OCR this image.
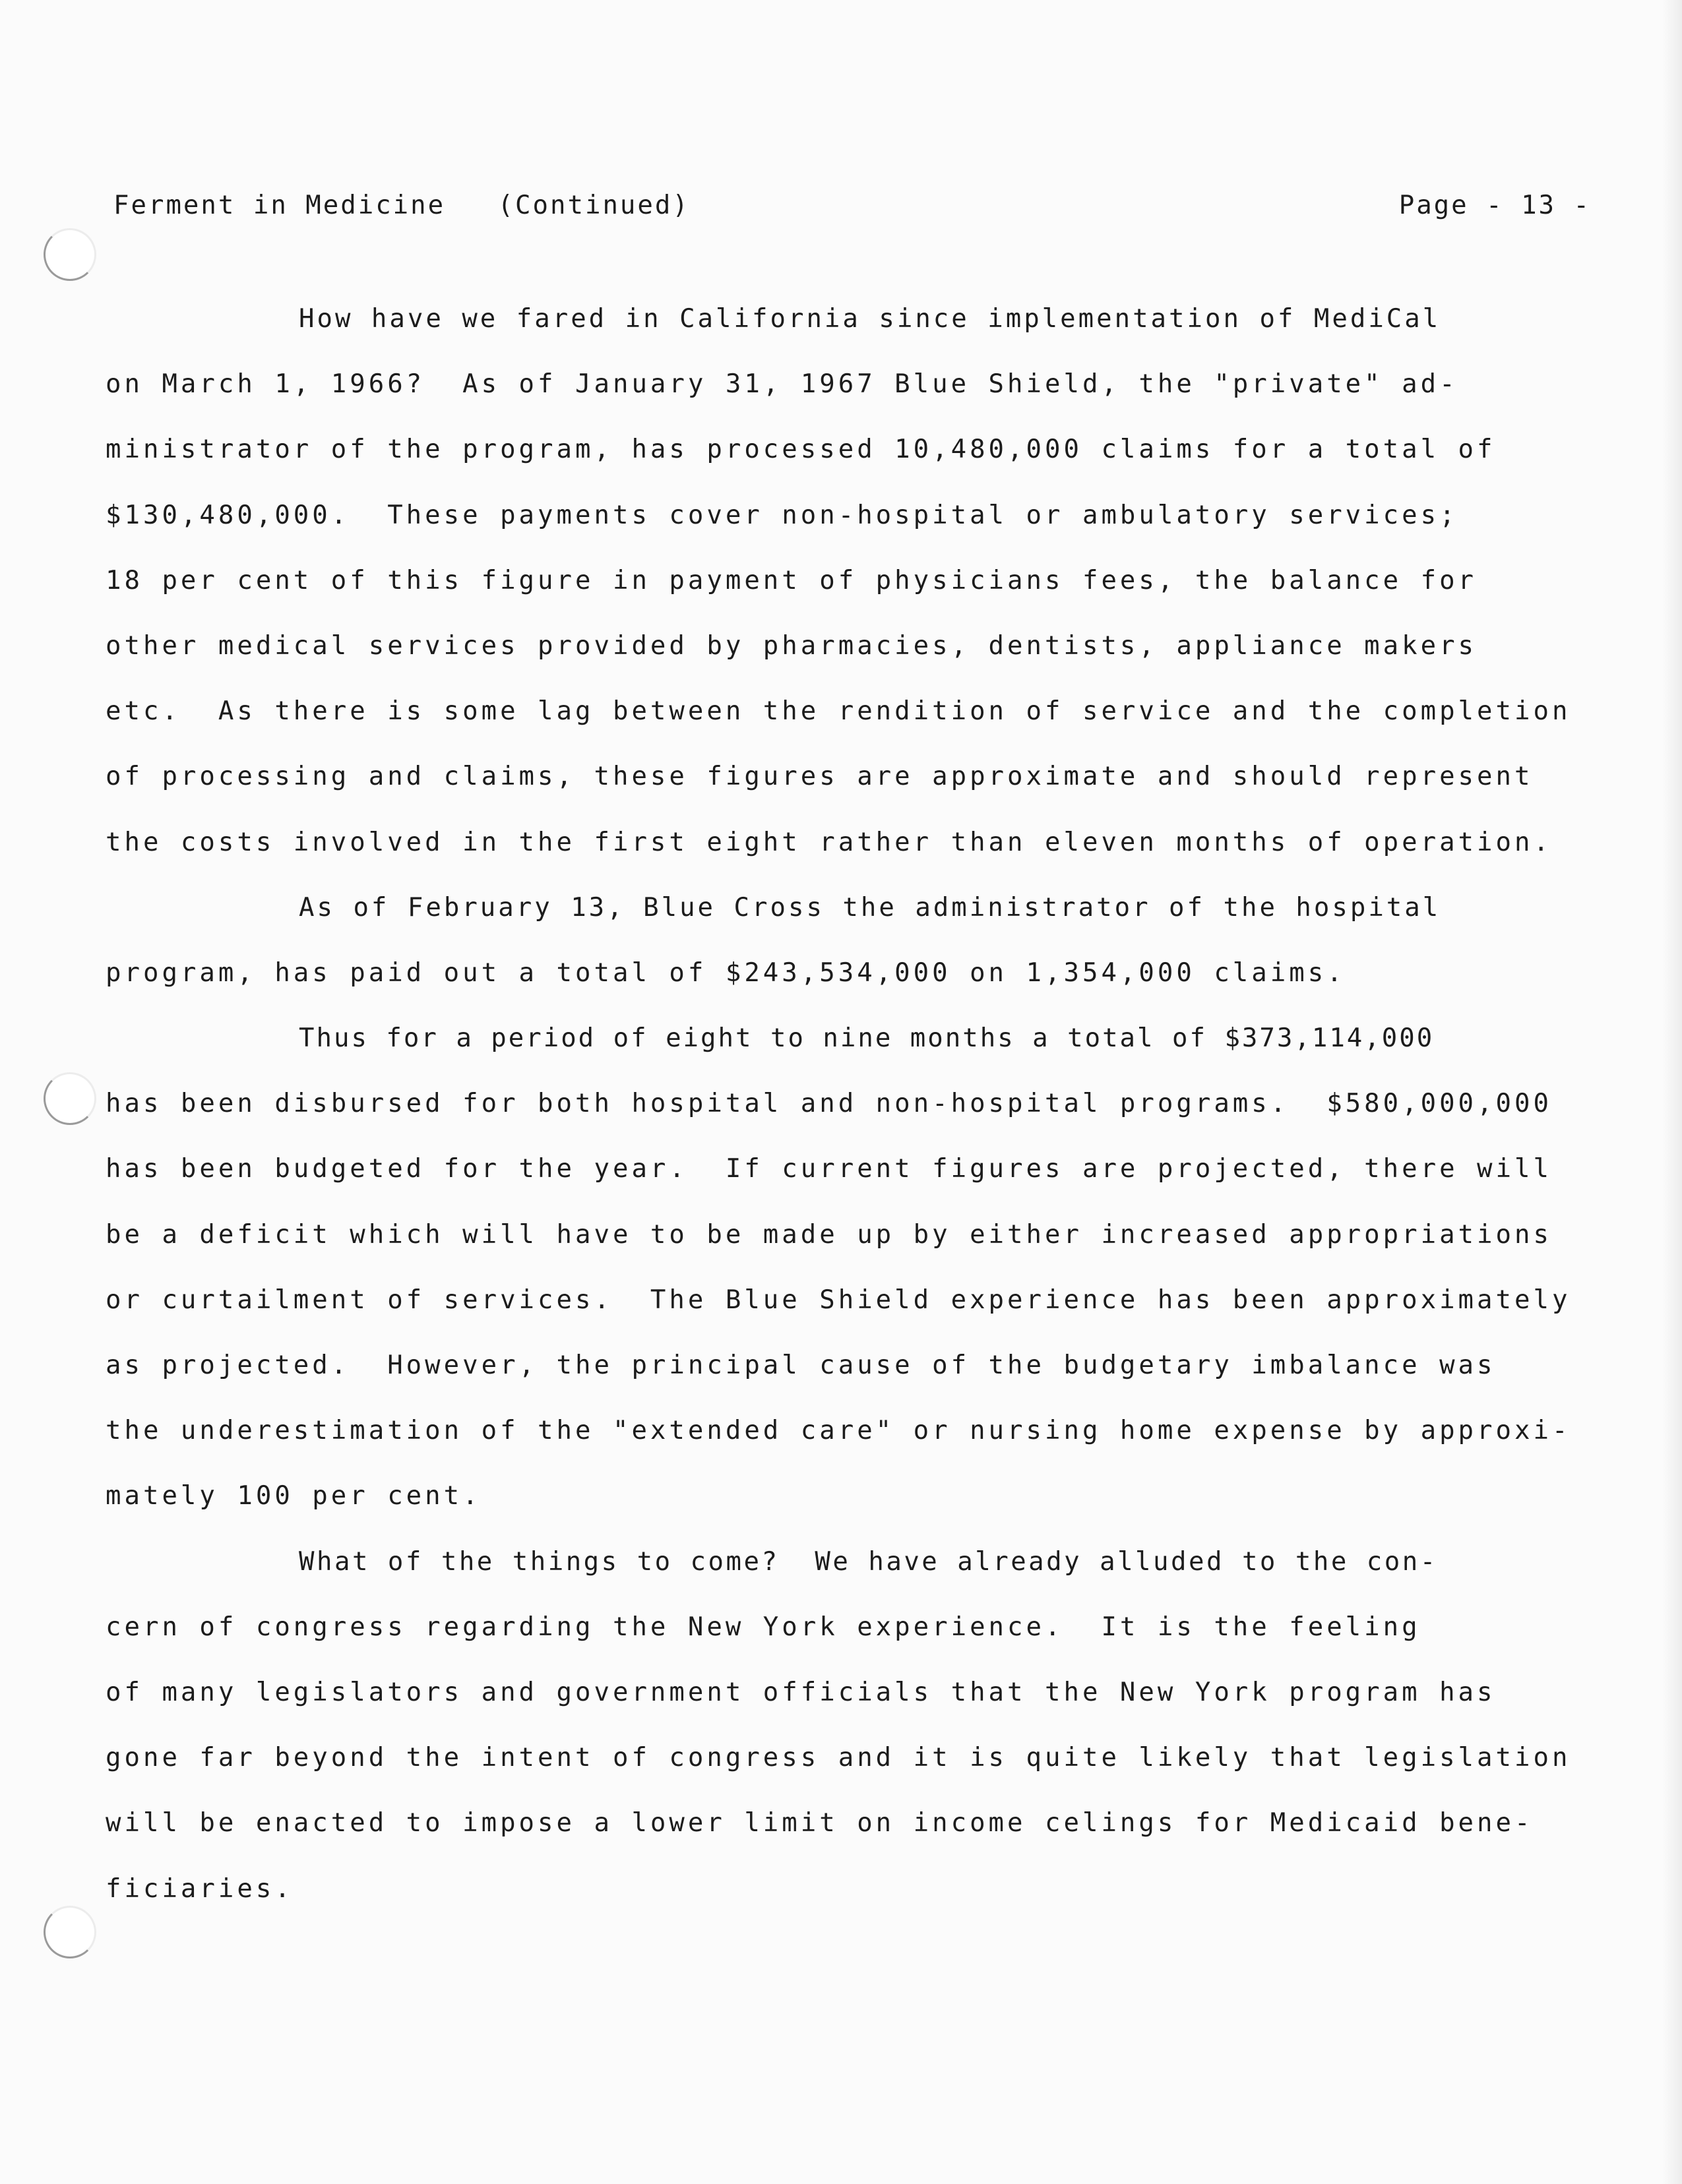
Ferment in Medicine   (Continued)	Page - 13 -
How have we fared in California since implementation of MediCal
on March 1, 1966?  As of January 31, 1967 Blue Shield, the "private" ad-
ministrator of the program, has processed 10,480,000 claims for a total of
$130,480,000.  These payments cover non-hospital or ambulatory services;
18 per cent of this figure in payment of physicians fees, the balance for
other medical services provided by pharmacies, dentists, appliance makers
etc.  As there is some lag between the rendition of service and the completion
of processing and claims, these figures are approximate and should represent
the costs involved in the first eight rather than eleven months of operation.
As of February 13, Blue Cross the administrator of the hospital
program, has paid out a total of $243,534,000 on 1,354,000 claims.
Thus for a period of eight to nine months a total of $373,114,000
has been disbursed for both hospital and non-hospital programs.  $580,000,000
has been budgeted for the year.  If current figures are projected, there will
be a deficit which will have to be made up by either increased appropriations
or curtailment of services.  The Blue Shield experience has been approximately
as projected.  However, the principal cause of the budgetary imbalance was
the underestimation of the "extended care" or nursing home expense by approxi-
mately 100 per cent.
What of the things to come?  We have already alluded to the con-
cern of congress regarding the New York experience.  It is the feeling
of many legislators and government officials that the New York program has
gone far beyond the intent of congress and it is quite likely that legislation
will be enacted to impose a lower limit on income celings for Medicaid bene-
ficiaries.
